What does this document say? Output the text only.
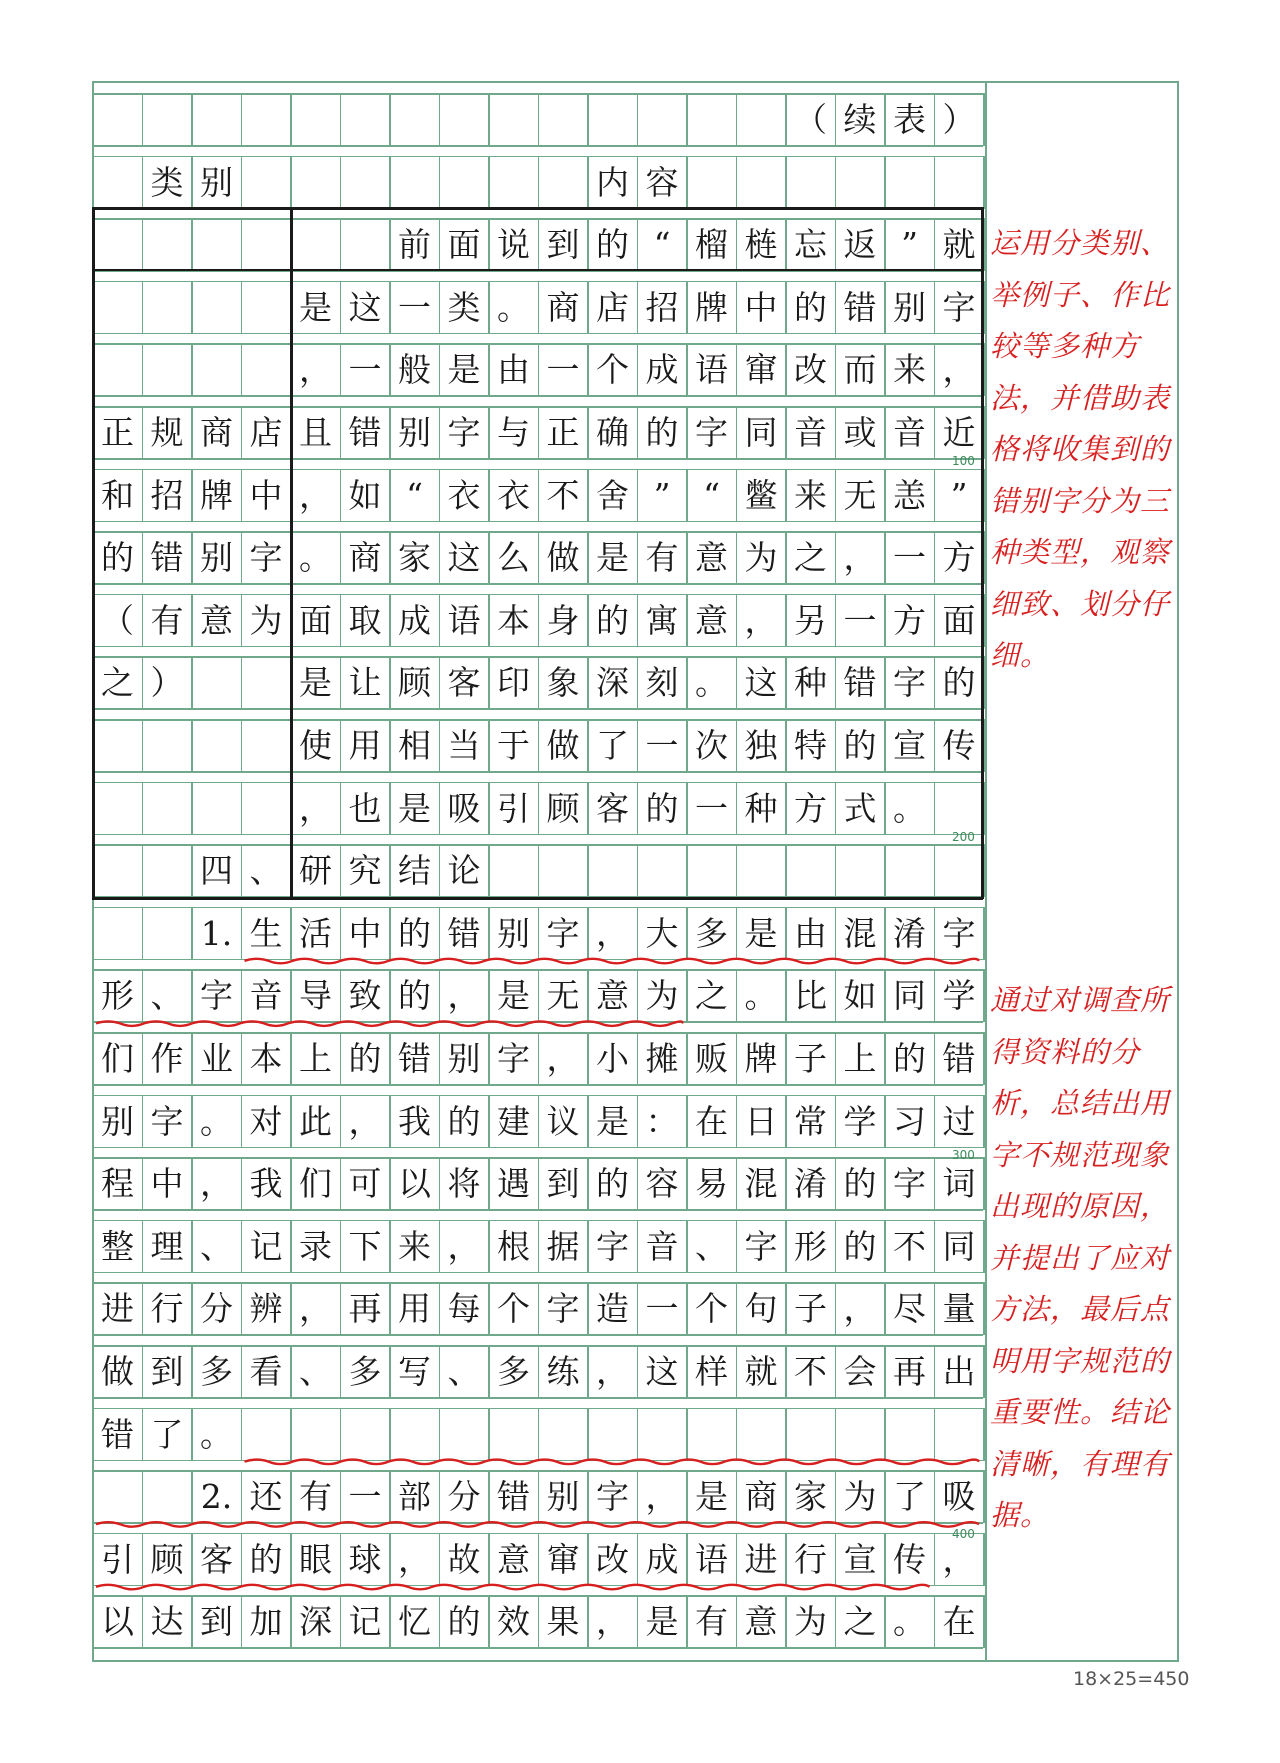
（ 续 表 ）
类 别	内 容
正 规 商 店
和 招 牌 中
的 错 别 字
（ 有 意 为
之 ）
前 面 说 到 的 “ 榴 梿 忘 返 ” 就
是 这 一 类 。 商 店 招 牌 中 的 错 别 字
， 一 般 是 由 一 个 成 语 窜 改 而 来 ，
且 错 别 字 与 正 确 的 字 同 音 或 音 近
， 如 “ 衣 衣 不 舍 ” “ 鳖 来 无 恙 ”
。 商 家 这 么 做 是 有 意 为 之 ， 一 方
面 取 成 语 本 身 的 寓 意 ， 另 一 方 面
是 让 顾 客 印 象 深 刻 。 这 种 错 字 的
使 用 相 当 于 做 了 一 次 独 特 的 宣 传
， 也 是 吸 引 顾 客 的 一 种 方 式 。
四 、 研 究 结 论
1. 生 活 中 的 错 别 字 ， 大 多 是 由 混 淆 字
形 、 字 音 导 致 的 ， 是 无 意 为 之 。 比 如 同 学
们 作 业 本 上 的 错 别 字 ， 小 摊 贩 牌 子 上 的 错
别 字 。 对 此 ， 我 的 建 议 是 ： 在 日 常 学 习 过
程 中 ， 我 们 可 以 将 遇 到 的 容 易 混 淆 的 字 词
整 理 、 记 录 下 来 ， 根 据 字 音 、 字 形 的 不 同
进 行 分 辨 ， 再 用 每 个 字 造 一 个 句 子 ， 尽 量
做 到 多 看 、 多 写 、 多 练 ， 这 样 就 不 会 再 出
错 了 。
2. 还 有 一 部 分 错 别 字 ， 是 商 家 为 了 吸
引 顾 客 的 眼 球 ， 故 意 窜 改 成 语 进 行 宣 传 ，
以 达 到 加 深 记 忆 的 效 果 ， 是 有 意 为 之 。 在
运用分类别、举例子、作比较等多种方法，并借助表格将收集到的错别字分为三种类型，观察细致、划分仔细。
通过对调查所得资料的分析，总结出用字不规范现象出现的原因，并提出了应对方法，最后点明用字规范的重要性。结论清晰，有理有据。
100
200
300
400
18×25=450
